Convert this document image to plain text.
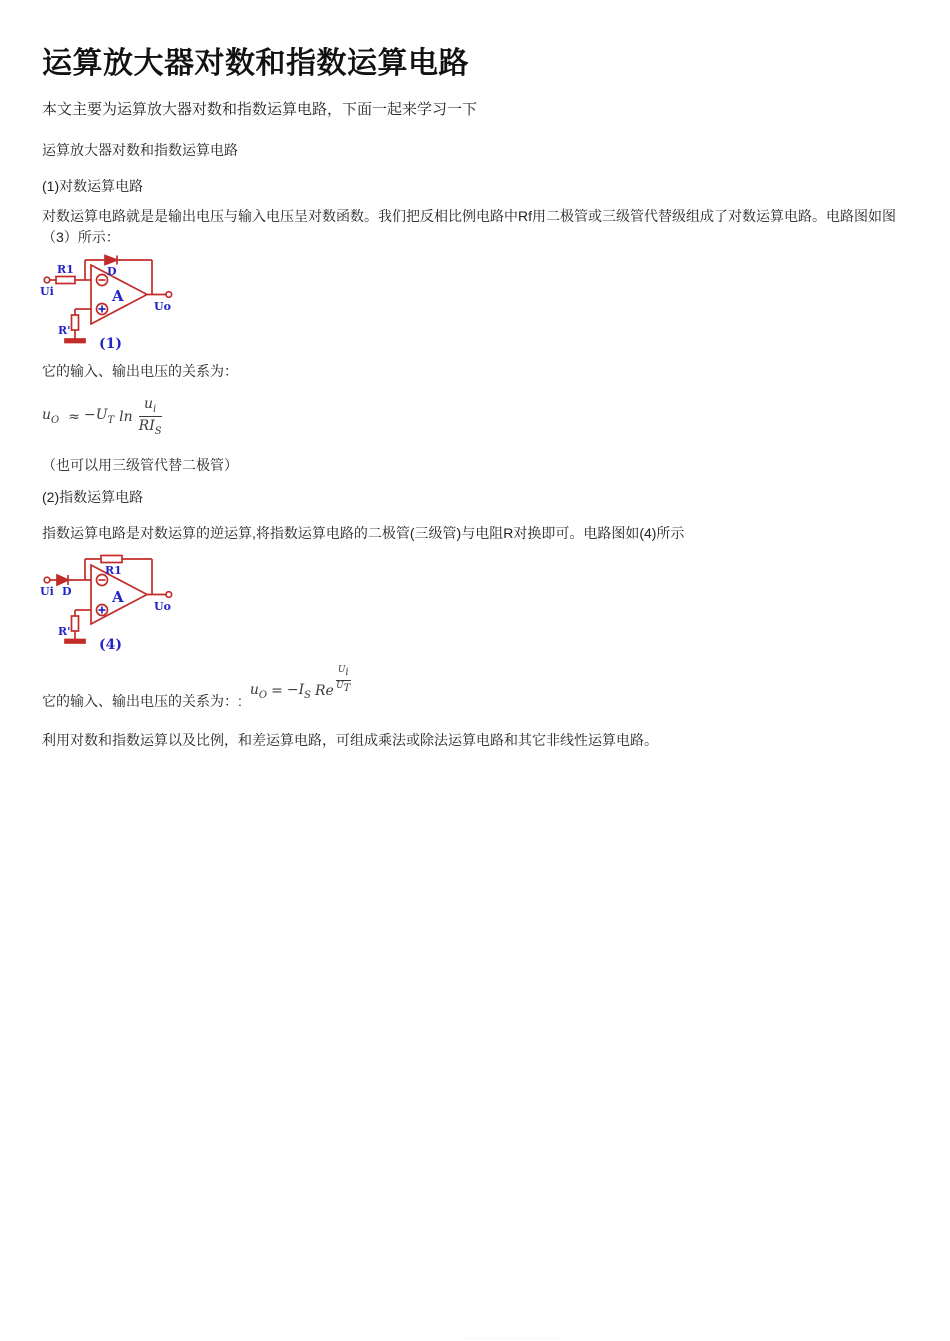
运算放大器对数和指数运算电路
本文主要为运算放大器对数和指数运算电路，下面一起来学习一下
运算放大器对数和指数运算电路
(1)对数运算电路
对数运算电路就是是输出电压与输入电压呈对数函数。我们把反相比例电路中Rf用二极管或三级管代替级组成了对数运算电路。电路图如图（3）所示：
Ui
R1	D
A
R'
Uo
(1)
它的输入、输出电压的关系为：
$u_O \approx -U_T$ $\ln \frac{u_i}{RI_S}$
（也可以用三级管代替二极管）
(2)指数运算电路
指数运算电路是对数运算的逆运算,将指数运算电路的二极管(三级管)与电阻R对换即可。电路图如(4)所示
Ui D
R1
A
R'
Uo
(4)
它的输入、输出电压的关系为：:
$u_O = -I_S$ Re $\frac{U_i}{U_T}$
利用对数和指数运算以及比例，和差运算电路，可组成乘法或除法运算电路和其它非线性运算电路。
